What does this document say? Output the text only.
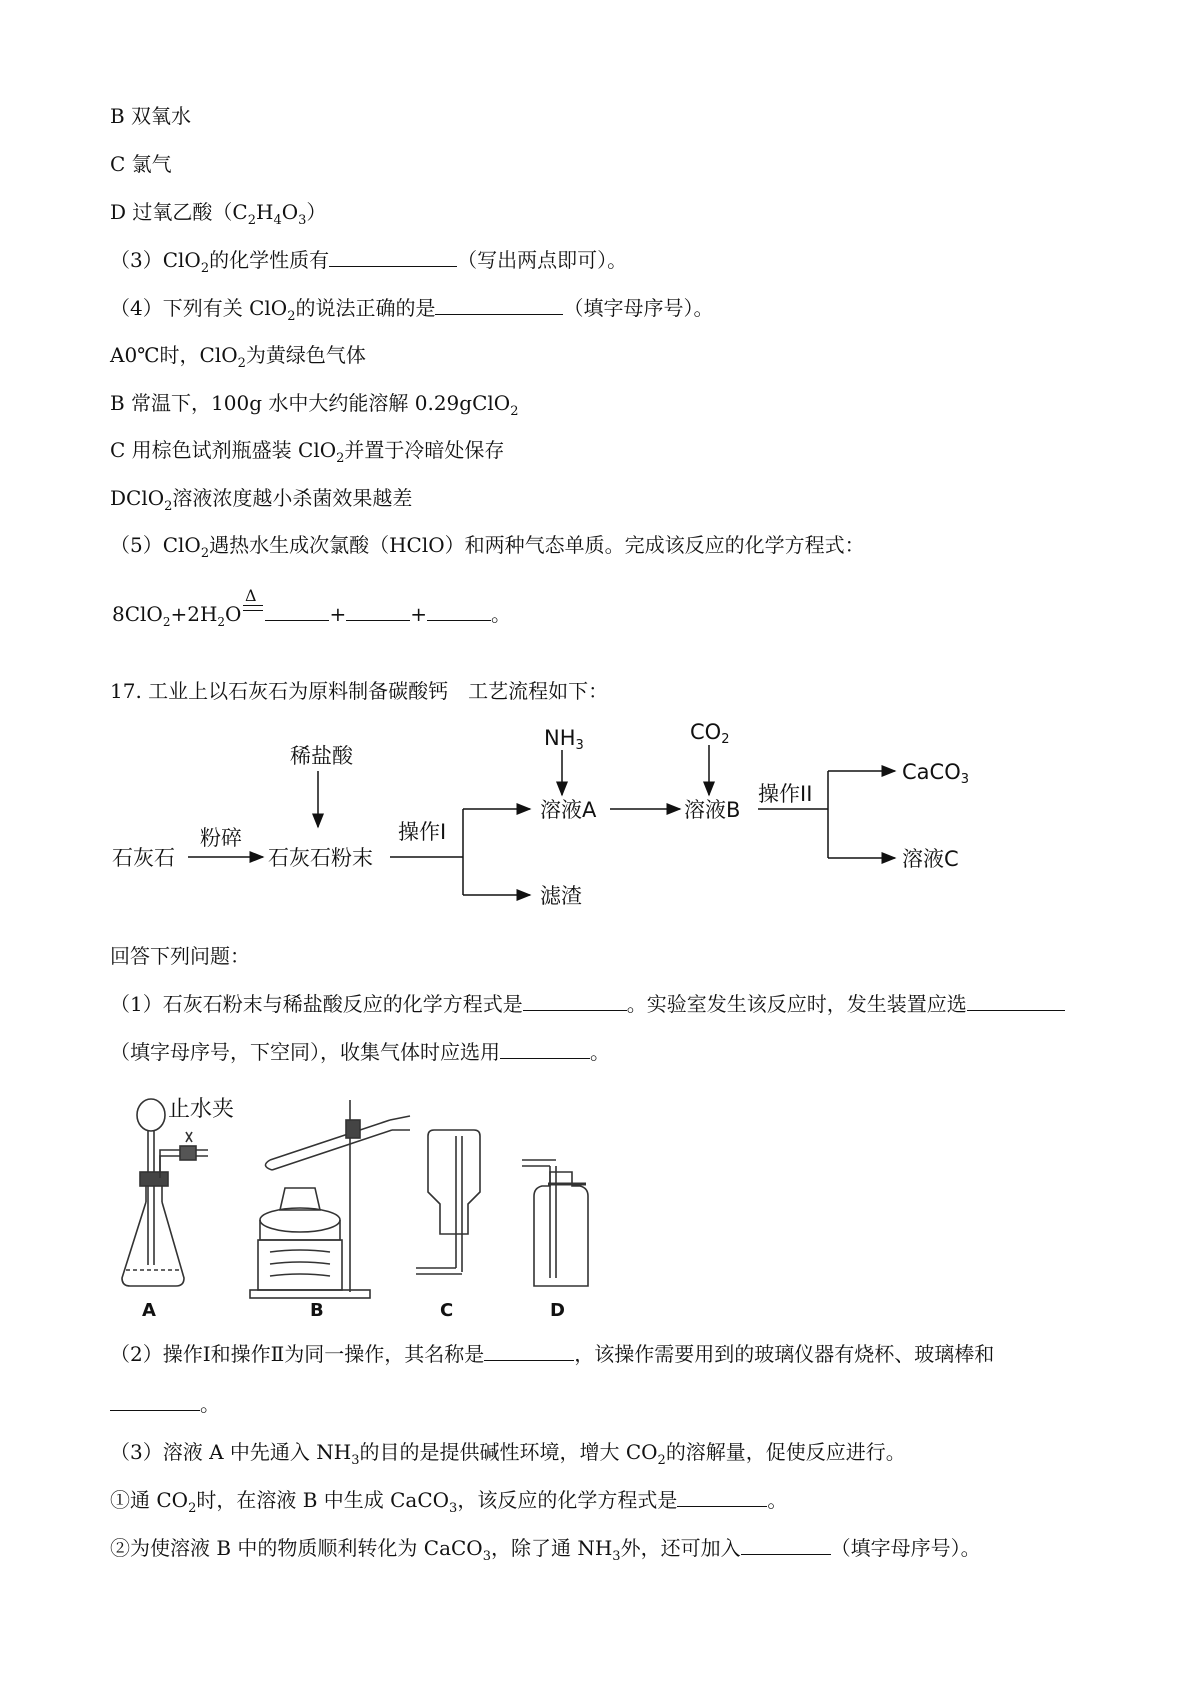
B 双氧水
C 氯气
D 过氧乙酸$(C_2H_4O_3)$
（3）ClO$_2$的化学性质有	（写出两点即可）。
（4）下列有关 ClO$_2$的说法正确的是	（填字母序号）。
A0℃时，ClO$_2$为黄绿色气体
B 常温下，100g 水中大约能溶解 0.29gClO$_2$
C 用棕色试剂瓶盛装 ClO$_2$并置于冷暗处保存
DClO$_2$溶液浓度越小杀菌效果越差
（5）ClO$_2$遇热水生成次氯酸（HClO）和两种气态单质。完成该反应的化学方程式：
Δ
$8ClO_2+2H_2O$	+	+	。
17. 工业上以石灰石为原料制备碳酸钙　工艺流程如下：
石灰石
粉碎
石灰石粉末
稀盐酸
操作I
NH3
溶液A
滤渣
CO2
溶液B
操作II
CaCO3
溶液C
回答下列问题：
（1）石灰石粉末与稀盐酸反应的化学方程式是	。实验室发生该反应时，发生装置应选
（填字母序号，下空同），收集气体时应选用	。
止水夹
A	B	C	D
（2）操作Ⅰ和操作Ⅱ为同一操作，其名称是	，该操作需要用到的玻璃仪器有烧杯、玻璃棒和
。
（3）溶液 A 中先通入 $NH_3$的目的是提供碱性环境，增大 $CO_2$的溶解量，促使反应进行。
①通 $CO_2$时，在溶液 B 中生成 CaCO$_3$，该反应的化学方程式是	。
②为使溶液 B 中的物质顺利转化为 CaCO$_3$，除了通 $NH_3$外，还可加入	（填字母序号）。
